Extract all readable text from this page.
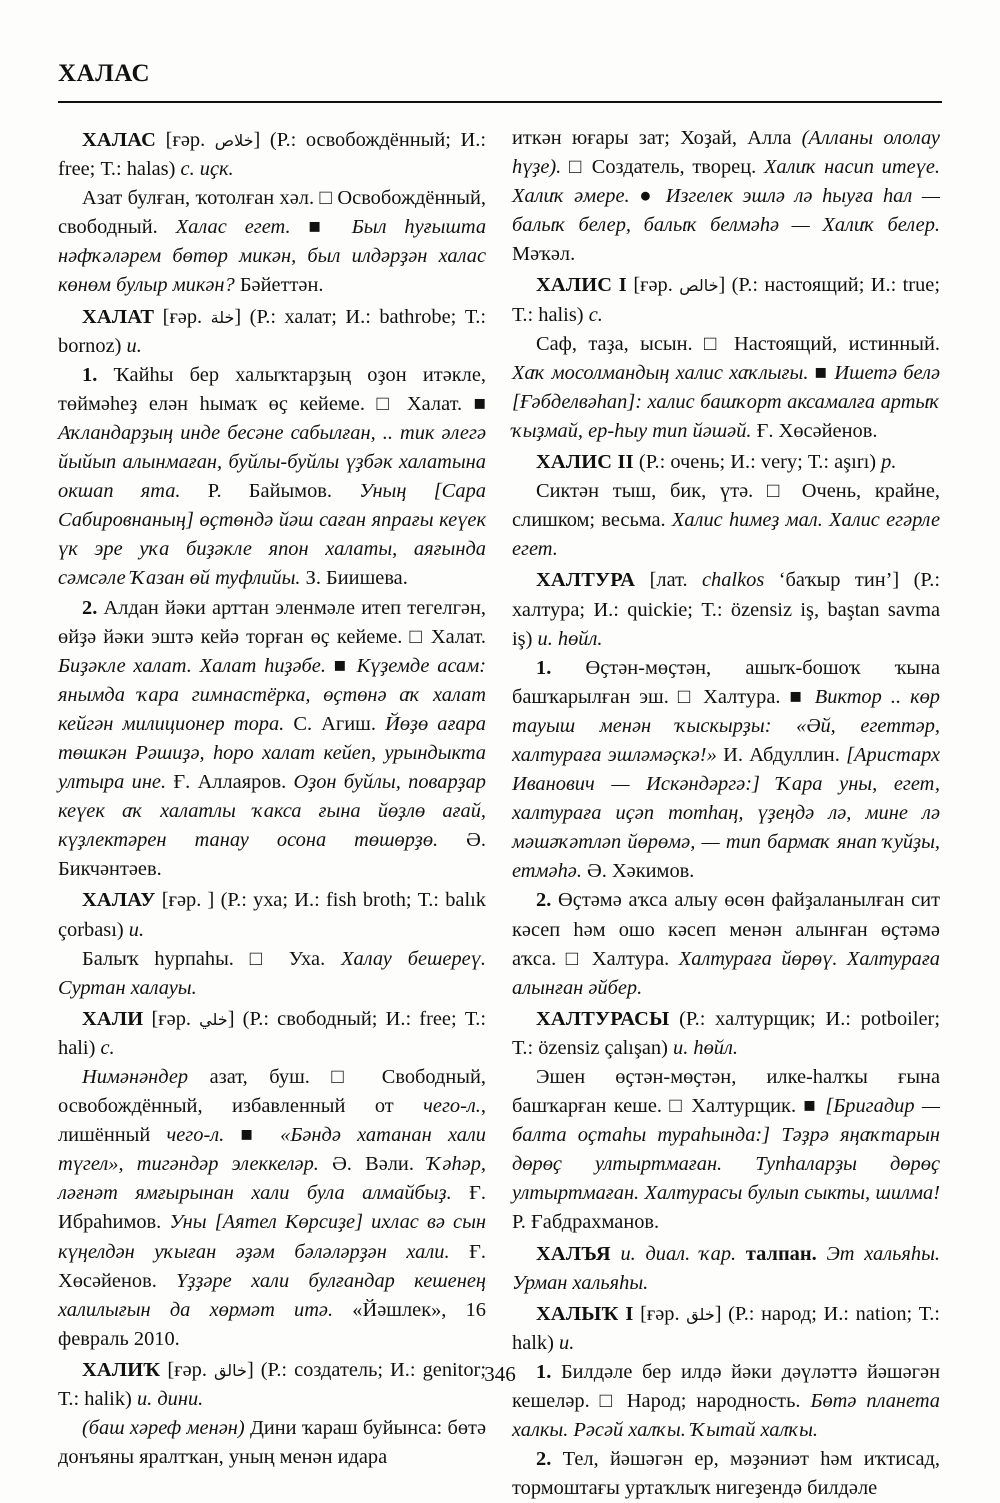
ХАЛАС

ХАЛАС [ғәр. خلاص] (Р.: освобождённый; И.: free; Т.: halas) с. иҫк.

Азат булған, ҡотолған хәл. □ Освобождённый, свободный. Халас егет. ■ Был һуғышта нәфҡәләрем бөтөр микән, был илдәрҙән халас көнөм булыр микән? Бәйеттән.

ХАЛАТ [ғәр. خلة] (Р.: халат; И.: bathrobe; Т.: bornoz) и.

1. Ҡайһы бер халыҡтарҙың оҙон итәкле, төймәһеҙ елән һымаҡ өҫ кейеме. □ Халат. ■ Аҡландарҙың инде бесәне сабылған, .. тик әлегә йыйып алынмаған, буйлы-буйлы үҙбәк халатына окшап ята. Р. Байымов. Уның [Сара Сабировнаның] өҫтөндә йәш саған япрағы кеүек үк эре уҡа биҙәкле япон халаты, аяғында сәмсәле Ҡазан өй туфлийы. З. Биишева.

2. Алдан йәки арттан эленмәле итеп тегелгән, өйҙә йәки эштә кейә торған өҫ кейеме. □ Халат. Биҙәкле халат. Халат һиҙәбе. ■ Күҙемде асам: янымда ҡара гимнастёрка, өҫтөнә аҡ халат кейгән милиционер тора. С. Агиш. Йөҙө ағара төшкән Рәшиҙә, һоро халат кейеп, урындыкта ултыра ине. Ғ. Аллаяров. Оҙон буйлы, поварҙар кеүек аҡ халатлы ҡакса ғына йөҙлө ағай, күҙлектәрен танау осона төшөрҙө. Ә. Бикчәнтәев.

ХАЛАУ [ғәр. ] (Р.: уха; И.: fish broth; Т.: balık çorbası) и.

Балыҡ һурпаһы. □ Уха. Халау бешереү. Суртан халауы.

ХАЛИ [ғәр. خلي] (Р.: свободный; И.: free; Т.: hali) с.

Нимәнәндер азат, буш. □ Свободный, освобождённый, избавленный от чего-л., лишённый чего-л. ■ «Бәндә хатанан хали түгел», тигәндәр элеккеләр. Ә. Вәли. Ҡәһәр, ләғнәт ямғырынан хали була алмайбыҙ. Ғ. Ибраһимов. Уны [Аятел Көрсиҙе] ихлас вә сын күңелдән уҡыған әҙәм бәләләрҙән хали. Ғ. Хөсәйенов. Үҙҙәре хали булғандар кешенең халилығын да хөрмәт итә. «Йәшлек», 16 февраль 2010.

ХАЛИҠ [ғәр. خالق] (Р.: создатель; И.: genitor; Т.: halik) и. дини.

(баш хәреф менән) Дини ҡараш буйынса: бөтә донъяны яралтҡан, уның менән идара

иткән юғары зат; Хоҙай, Алла (Алланы ололау һүҙе). □ Создатель, творец. Халиҡ насип итеүе. Халиҡ әмере. ● Изгелек эшлә лә һыуға һал — балыҡ белер, балыҡ белмәһә — Халиҡ белер. Мәҡәл.

ХАЛИС I [ғәр. خالص] (Р.: настоящий; И.: true; Т.: halis) с.

Саф, таҙа, ысын. □ Настоящий, истинный. Хаҡ мосолмандың халис хаҡлығы. ■ Ишетә белә [Ғәбделвәһап]: халис башҡорт аксамалға артыҡ ҡыҙмай, ер-һыу тип йәшәй. Ғ. Хөсәйенов.

ХАЛИС II (Р.: очень; И.: very; Т.: aşırı) р.

Сиктән тыш, бик, үтә. □ Очень, крайне, слишком; весьма. Халис һимеҙ мал. Халис егәрле егет.

ХАЛТУРА [лат. chalkos ‘баҡыр тин’] (Р.: халтура; И.: quickie; Т.: özensiz iş, baştan savma iş) и. һөйл.

1. Өҫтән-мөҫтән, ашыҡ-бошоҡ ҡына башҡарылған эш. □ Халтура. ■ Виктор .. көр тауыш менән ҡыскырҙы: «Әй, егеттәр, халтураға эшләмәҫкә!» И. Абдуллин. [Аристарх Иванович — Искәндәргә:] Ҡара уны, егет, халтураға иҫәп тотһаң, үҙеңдә лә, мине лә мәшәҡәтләп йөрөмә, — тип бармаҡ янап ҡуйҙы, етмәһә. Ә. Хәкимов.

2. Өҫтәмә аҡса алыу өсөн файҙаланылған сит кәсеп һәм ошо кәсеп менән алынған өҫтәмә аҡса. □ Халтура. Халтураға йөрөү. Халтураға алынған әйбер.

ХАЛТУРАСЫ (Р.: халтурщик; И.: potboiler; Т.: özensiz çalışan) и. һөйл.

Эшен өҫтән-мөҫтән, илке-һалҡы ғына башҡарған кеше. □ Халтурщик. ■ [Бригадир — балта оҫтаһы тураһында:] Тәҙрә яңаҡтарын дөрөҫ ултыртмаған. Тупһаларҙы дөрөҫ ултыртмаған. Халтурасы булып сыкты, шилма! Р. Ғабдрахманов.

ХАЛЪЯ и. диал. ҡар. талпан. Эт хальяһы. Урман хальяһы.

ХАЛЫҠ I [ғәр. خلق] (Р.: народ; И.: nation; Т.: halk) и.

1. Билдәле бер илдә йәки дәүләттә йәшәгән кешеләр. □ Народ; народность. Бөтә планета халкы. Рәсәй халҡы. Ҡытай халҡы.

2. Тел, йәшәгән ер, мәҙәниәт һәм иҡтисад, тормоштағы уртаҡлыҡ нигеҙендә билдәле

346
